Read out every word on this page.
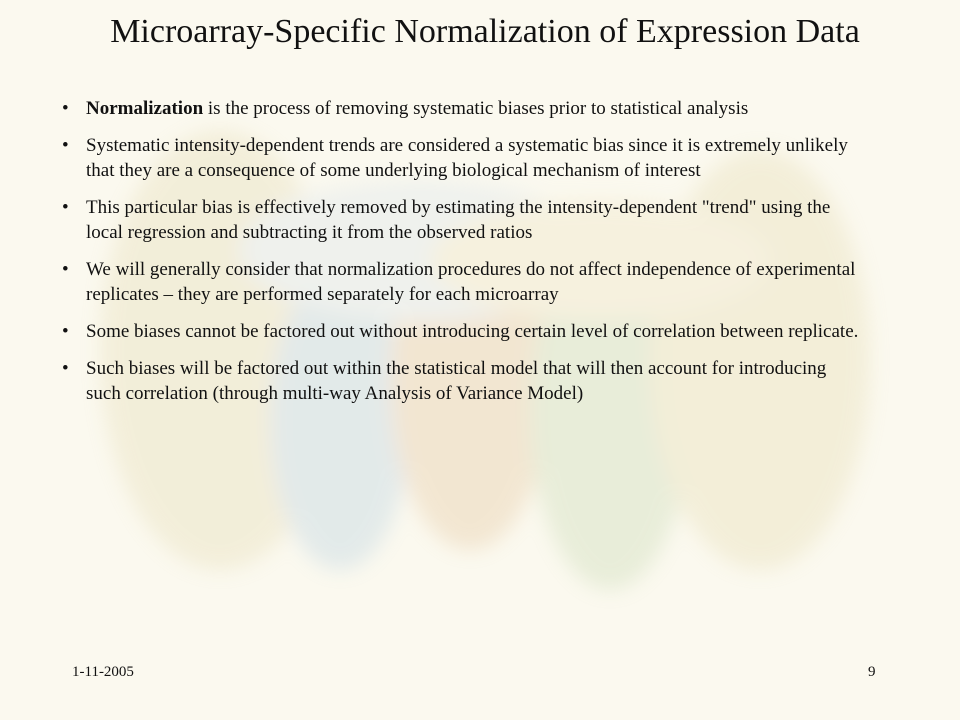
Microarray-Specific Normalization of Expression Data
• Normalization is the process of removing systematic biases prior to statistical analysis
• Systematic intensity-dependent trends are considered a systematic bias since it is extremely unlikely that they are a consequence of some underlying biological mechanism of interest
• This particular bias is effectively removed by estimating the intensity-dependent "trend" using the local regression and subtracting it from the observed ratios
• We will generally consider that normalization procedures do not affect independence of experimental replicates – they are performed separately for each microarray
• Some biases cannot be factored out without introducing certain level of correlation between replicate.
• Such biases will be factored out within the statistical model that will then account for introducing such correlation (through multi-way Analysis of Variance Model)
1-11-2005	9
